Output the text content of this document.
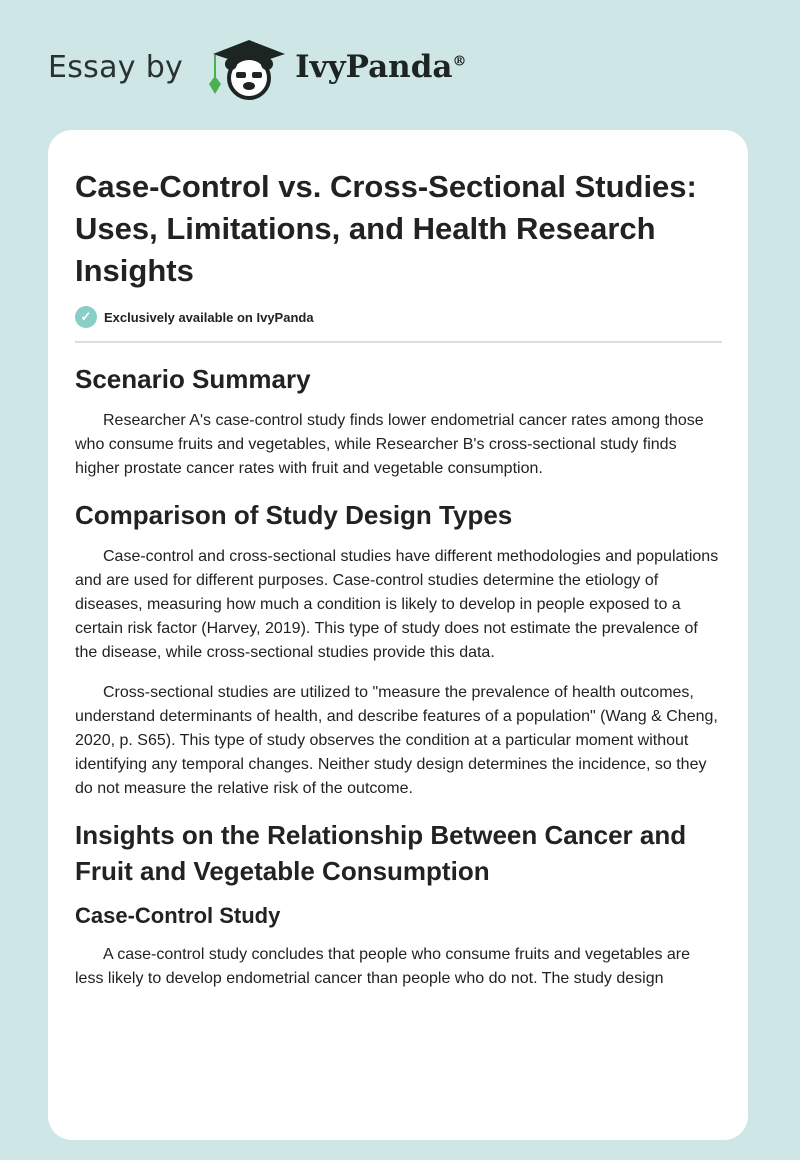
Essay by	IvyPanda®
Case-Control vs. Cross-Sectional Studies: Uses, Limitations, and Health Research Insights
✓ Exclusively available on IvyPanda
Scenario Summary

Researcher A's case-control study finds lower endometrial cancer rates among those who consume fruits and vegetables, while Researcher B's cross-sectional study finds higher prostate cancer rates with fruit and vegetable consumption.

Comparison of Study Design Types

Case-control and cross-sectional studies have different methodologies and populations and are used for different purposes. Case-control studies determine the etiology of diseases, measuring how much a condition is likely to develop in people exposed to a certain risk factor (Harvey, 2019). This type of study does not estimate the prevalence of the disease, while cross-sectional studies provide this data.

Cross-sectional studies are utilized to "measure the prevalence of health outcomes, understand determinants of health, and describe features of a population" (Wang & Cheng, 2020, p. S65). This type of study observes the condition at a particular moment without identifying any temporal changes. Neither study design determines the incidence, so they do not measure the relative risk of the outcome.

Insights on the Relationship Between Cancer and Fruit and Vegetable Consumption
Case-Control Study

A case-control study concludes that people who consume fruits and vegetables are less likely to develop endometrial cancer than people who do not. The study design
